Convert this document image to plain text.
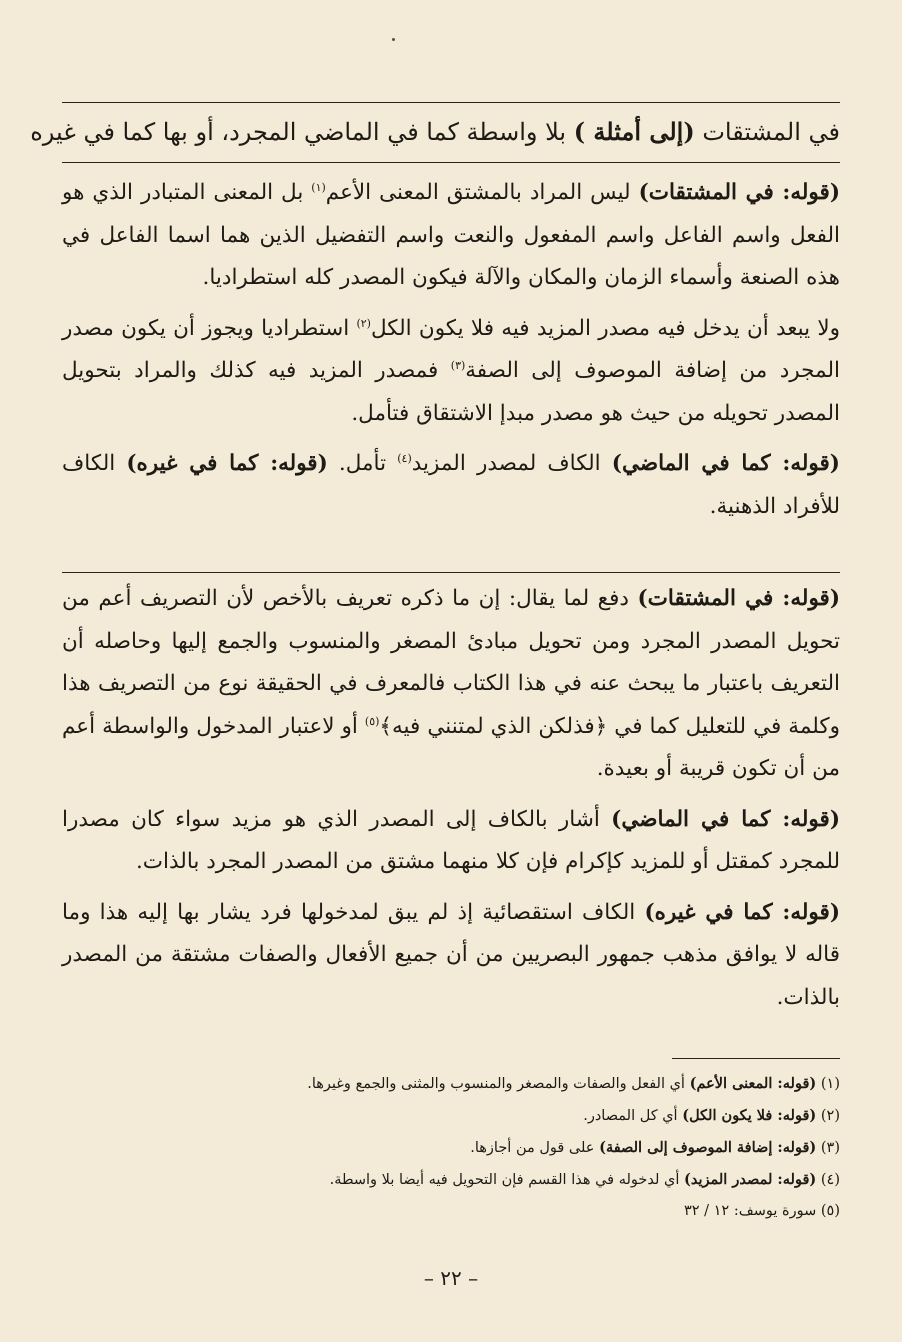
في المشتقات (إلى أمثلة ) بلا واسطة كما في الماضي المجرد، أو بها كما في غيره

(قوله: في المشتقات) ليس المراد بالمشتق المعنى الأعم$^{(١)}$ بل المعنى المتبادر الذي هو الفعل واسم الفاعل واسم المفعول والنعت واسم التفضيل الذين هما اسما الفاعل في هذه الصنعة وأسماء الزمان والمكان والآلة فيكون المصدر كله استطراديا.

ولا يبعد أن يدخل فيه مصدر المزيد فيه فلا يكون الكل$^{(٢)}$ استطراديا ويجوز أن يكون مصدر المجرد من إضافة الموصوف إلى الصفة$^{(٣)}$ فمصدر المزيد فيه كذلك والمراد بتحويل المصدر تحويله من حيث هو مصدر مبدإ الاشتقاق فتأمل.

(قوله: كما في الماضي) الكاف لمصدر المزيد$^{(٤)}$ تأمل. (قوله: كما في غيره) الكاف للأفراد الذهنية.

(قوله: في المشتقات) دفع لما يقال: إن ما ذكره تعريف بالأخص لأن التصريف أعم من تحويل المصدر المجرد ومن تحويل مبادئ المصغر والمنسوب والجمع إليها وحاصله أن التعريف باعتبار ما يبحث عنه في هذا الكتاب فالمعرف في الحقيقة نوع من التصريف هذا وكلمة في للتعليل كما في ﴿فذلكن الذي لمتنني فيه﴾$^{(٥)}$ أو لاعتبار المدخول والواسطة أعم من أن تكون قريبة أو بعيدة.

(قوله: كما في الماضي) أشار بالكاف إلى المصدر الذي هو مزيد سواء كان مصدرا للمجرد كمقتل أو للمزيد كإكرام فإن كلا منهما مشتق من المصدر المجرد بالذات.

(قوله: كما في غيره) الكاف استقصائية إذ لم يبق لمدخولها فرد يشار بها إليه هذا وما قاله لا يوافق مذهب جمهور البصريين من أن جميع الأفعال والصفات مشتقة من المصدر بالذات.

(١) (قوله: المعنى الأعم) أي الفعل والصفات والمصغر والمنسوب والمثنى والجمع وغيرها.
(٢) (قوله: فلا يكون الكل) أي كل المصادر.
(٣) (قوله: إضافة الموصوف إلى الصفة) على قول من أجازها.
(٤) (قوله: لمصدر المزيد) أي لدخوله في هذا القسم فإن التحويل فيه أيضا بلا واسطة.
(٥) سورة يوسف: ١٢ / ٣٢
– ٢٢ –
